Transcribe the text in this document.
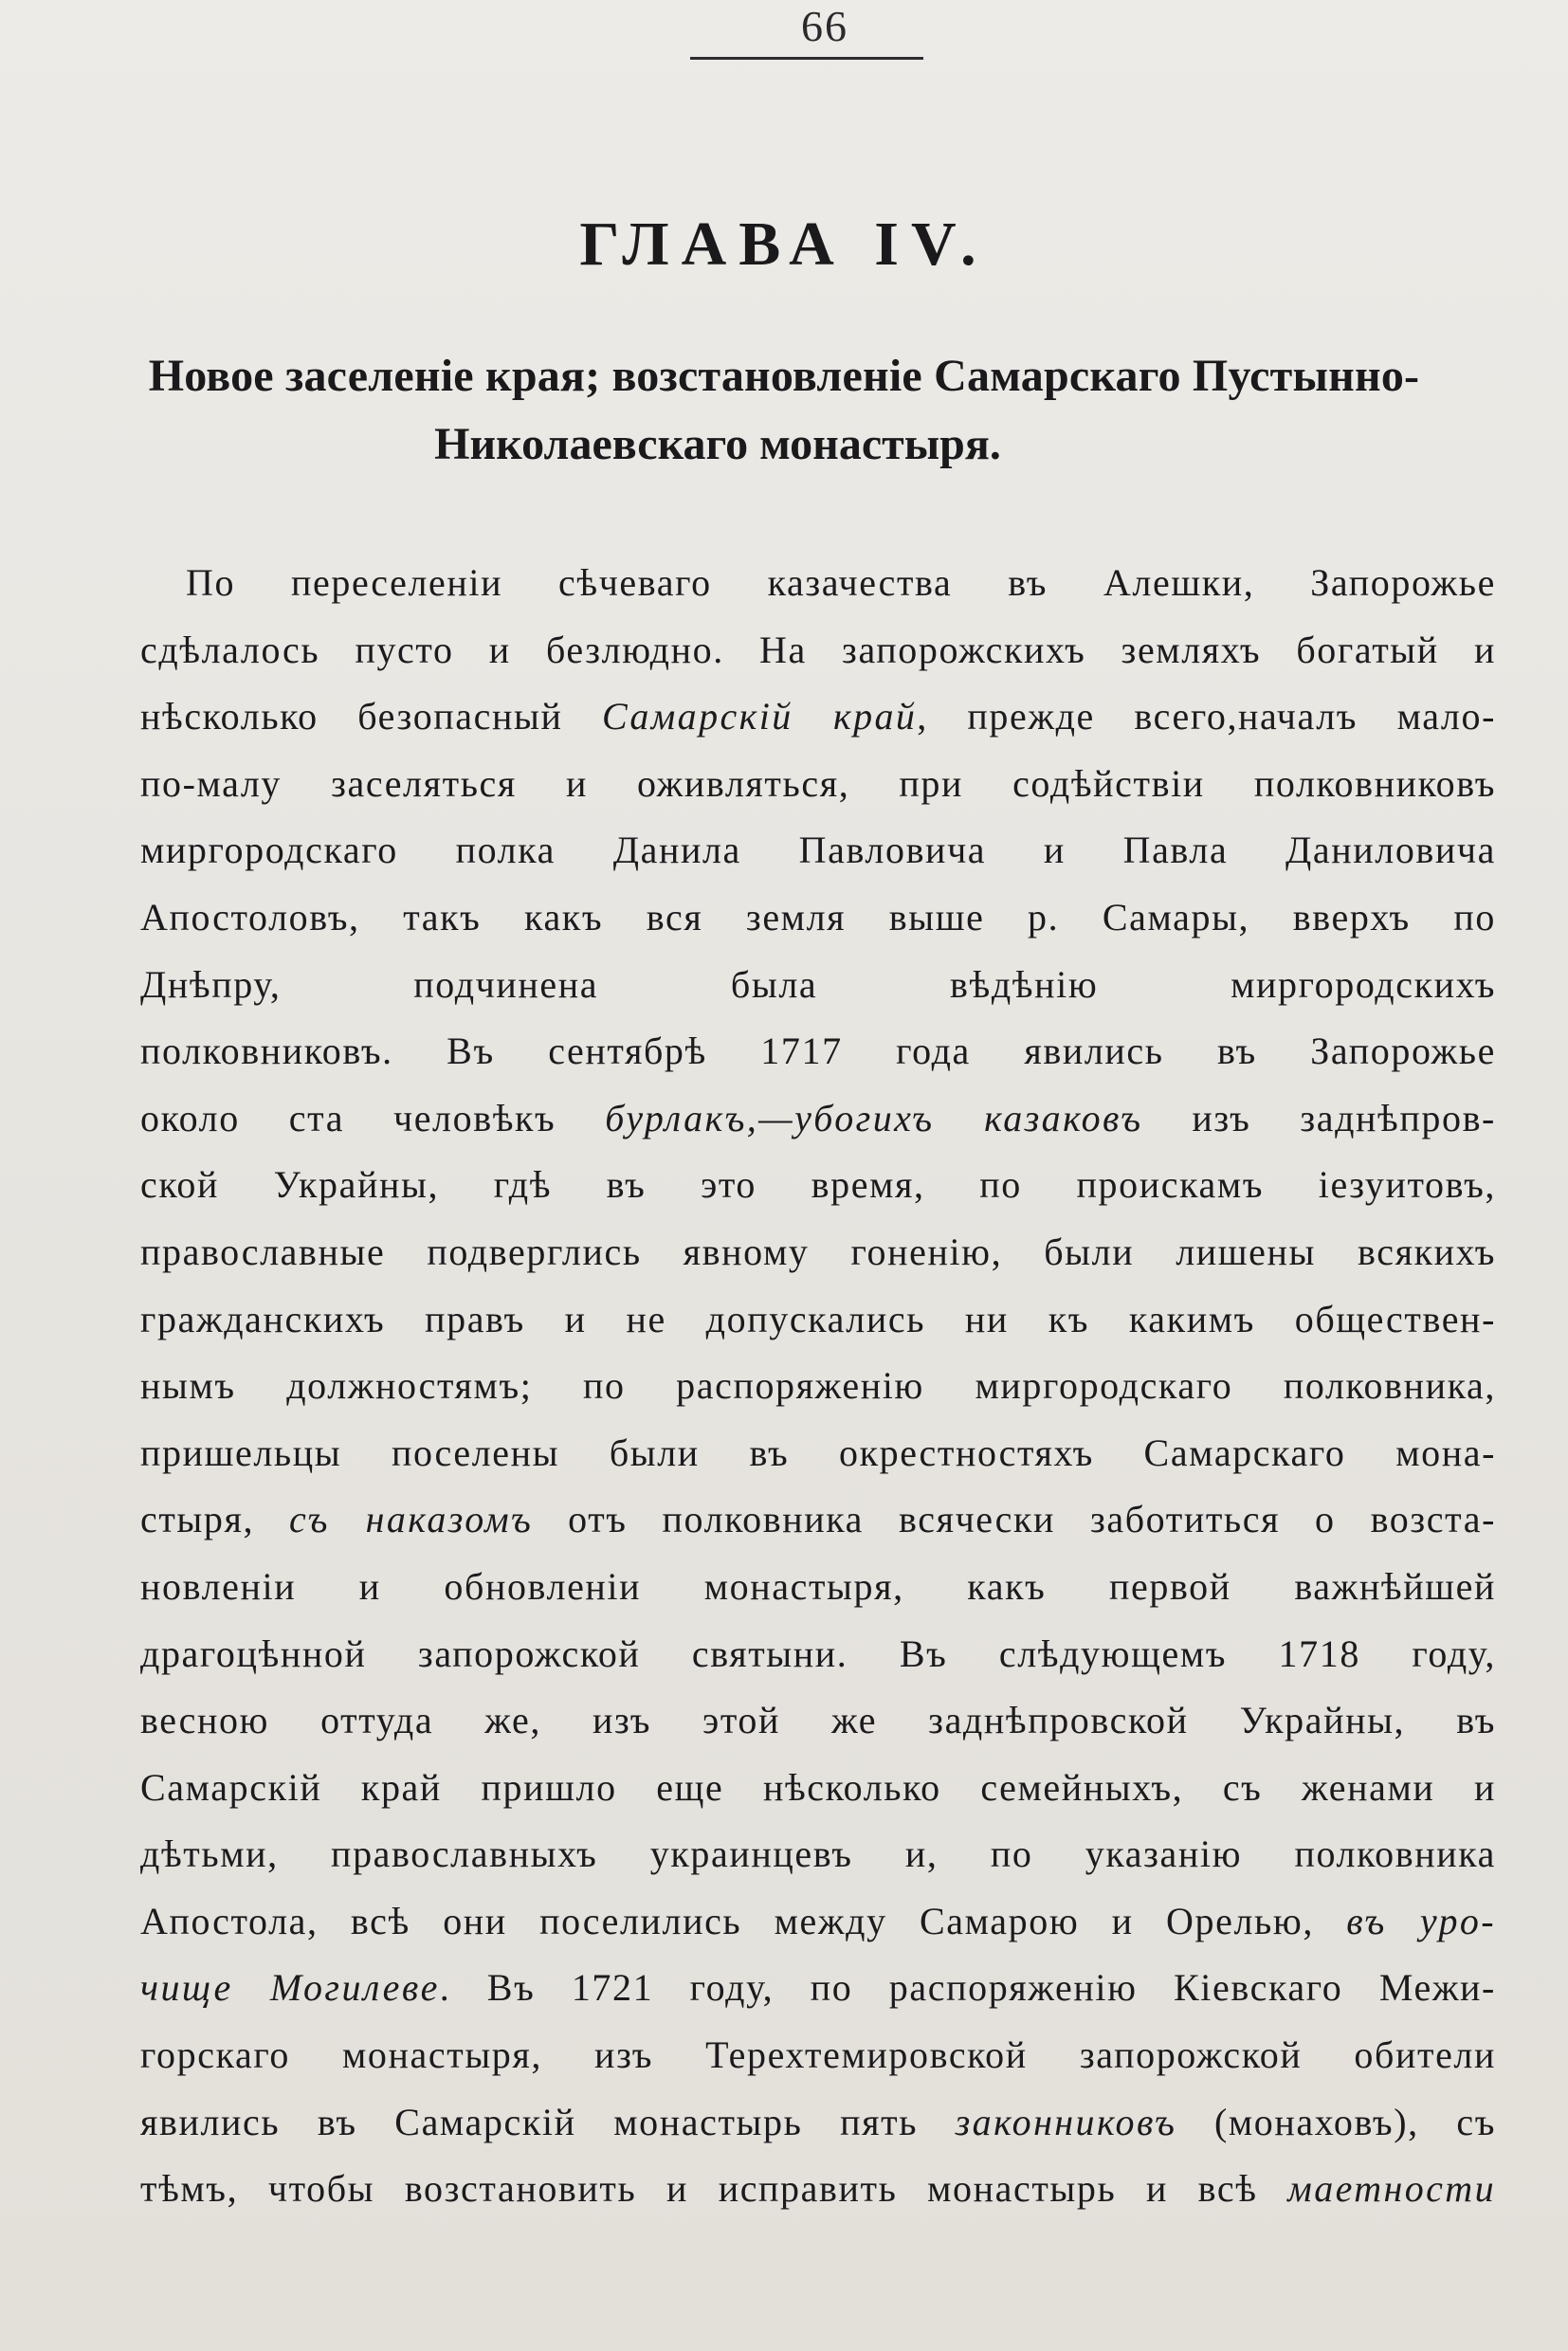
66
ГЛАВА IV.
Новое заселеніе края; возстановленіе Самарскаго Пустынно-
Николаевскаго монастыря.
По переселеніи сѣчеваго казачества въ Алешки, Запорожье
сдѣлалось пусто и безлюдно. На запорожскихъ земляхъ богатый и
нѣсколько безопасный Самарскій край, прежде всего,началъ мало-
по-малу заселяться и оживляться, при содѣйствіи полковниковъ
миргородскаго полка Данила Павловича и Павла Даниловича
Апостоловъ, такъ какъ вся земля выше р. Самары, вверхъ по
Днѣпру, подчинена была вѣдѣнію миргородскихъ
полковниковъ. Въ сентябрѣ 1717 года явились въ Запорожье
около ста человѣкъ бурлакъ,—убогихъ казаковъ изъ заднѣпров-
ской Украйны, гдѣ въ это время, по проискамъ іезуитовъ,
православные подверглись явному гоненію, были лишены всякихъ
гражданскихъ правъ и не допускались ни къ какимъ обществен-
нымъ должностямъ; по распоряженію миргородскаго полковника,
пришельцы поселены были въ окрестностяхъ Самарскаго мона-
стыря, съ наказомъ отъ полковника всячески заботиться о возста-
новленіи и обновленіи монастыря, какъ первой важнѣйшей
драгоцѣнной запорожской святыни. Въ слѣдующемъ 1718 году,
весною оттуда же, изъ этой же заднѣпровской Украйны, въ
Самарскій край пришло еще нѣсколько семейныхъ, съ женами и
дѣтьми, православныхъ украинцевъ и, по указанію полковника
Апостола, всѣ они поселились между Самарою и Орелью, въ уро-
чище Могилеве. Въ 1721 году, по распоряженію Кіевскаго Межи-
горскаго монастыря, изъ Терехтемировской запорожской обители
явились въ Самарскій монастырь пять законниковъ (монаховъ), съ
тѣмъ, чтобы возстановить и исправить монастырь и всѣ маетности
